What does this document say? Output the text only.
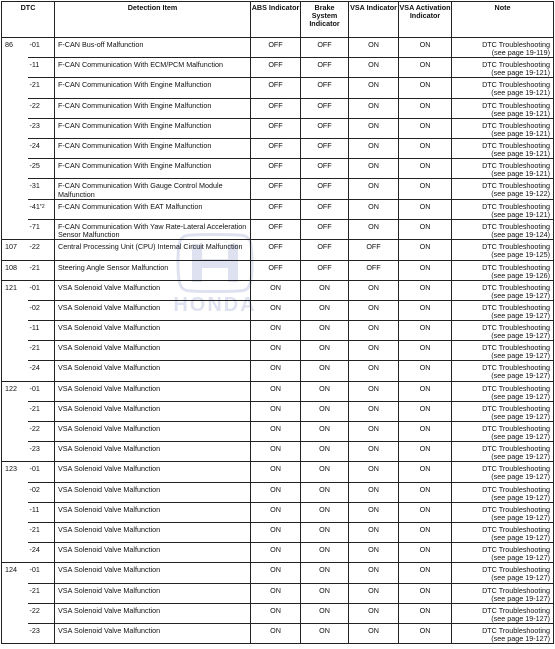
HONDA
DTC		Detection Item	ABS Indicator	Brake System Indicator	VSA Indicator	VSA Activation Indicator	Note
86	-01	F-CAN Bus-off Malfunction	OFF	OFF	ON	ON	DTC Troubleshooting
(see page 19-119)

	-11	F-CAN Communication With ECM/PCM Malfunction	OFF	OFF	ON	ON	DTC Troubleshooting
(see page 19-121)

	-21	F-CAN Communication With Engine Malfunction	OFF	OFF	ON	ON	DTC Troubleshooting
(see page 19-121)

	-22	F-CAN Communication With Engine Malfunction	OFF	OFF	ON	ON	DTC Troubleshooting
(see page 19-121)

	-23	F-CAN Communication With Engine Malfunction	OFF	OFF	ON	ON	DTC Troubleshooting
(see page 19-121)

	-24	F-CAN Communication With Engine Malfunction	OFF	OFF	ON	ON	DTC Troubleshooting
(see page 19-121)

	-25	F-CAN Communication With Engine Malfunction	OFF	OFF	ON	ON	DTC Troubleshooting
(see page 19-121)

	-31	F-CAN Communication With Gauge Control Module Malfunction	OFF	OFF	ON	ON	DTC Troubleshooting
(see page 19-122)

	-41$^{*2}$	F-CAN Communication With EAT Malfunction	OFF	OFF	ON	ON	DTC Troubleshooting
(see page 19-121)

	-71	F-CAN Communication With Yaw Rate-Lateral Acceleration Sensor Malfunction	OFF	OFF	ON	ON	DTC Troubleshooting
(see page 19-124)

107	-22	Central Processing Unit (CPU) Internal Circuit Malfunction	OFF	OFF	OFF	ON	DTC Troubleshooting
(see page 19-125)

108	-21	Steering Angle Sensor Malfunction	OFF	OFF	OFF	ON	DTC Troubleshooting
(see page 19-126)

121	-01	VSA Solenoid Valve Malfunction	ON	ON	ON	ON	DTC Troubleshooting
(see page 19-127)

	-02	VSA Solenoid Valve Malfunction	ON	ON	ON	ON	DTC Troubleshooting
(see page 19-127)

	-11	VSA Solenoid Valve Malfunction	ON	ON	ON	ON	DTC Troubleshooting
(see page 19-127)

	-21	VSA Solenoid Valve Malfunction	ON	ON	ON	ON	DTC Troubleshooting
(see page 19-127)

	-24	VSA Solenoid Valve Malfunction	ON	ON	ON	ON	DTC Troubleshooting
(see page 19-127)

122	-01	VSA Solenoid Valve Malfunction	ON	ON	ON	ON	DTC Troubleshooting
(see page 19-127)

	-21	VSA Solenoid Valve Malfunction	ON	ON	ON	ON	DTC Troubleshooting
(see page 19-127)

	-22	VSA Solenoid Valve Malfunction	ON	ON	ON	ON	DTC Troubleshooting
(see page 19-127)

	-23	VSA Solenoid Valve Malfunction	ON	ON	ON	ON	DTC Troubleshooting
(see page 19-127)

123	-01	VSA Solenoid Valve Malfunction	ON	ON	ON	ON	DTC Troubleshooting
(see page 19-127)

	-02	VSA Solenoid Valve Malfunction	ON	ON	ON	ON	DTC Troubleshooting
(see page 19-127)

	-11	VSA Solenoid Valve Malfunction	ON	ON	ON	ON	DTC Troubleshooting
(see page 19-127)

	-21	VSA Solenoid Valve Malfunction	ON	ON	ON	ON	DTC Troubleshooting
(see page 19-127)

	-24	VSA Solenoid Valve Malfunction	ON	ON	ON	ON	DTC Troubleshooting
(see page 19-127)

124	-01	VSA Solenoid Valve Malfunction	ON	ON	ON	ON	DTC Troubleshooting
(see page 19-127)

	-21	VSA Solenoid Valve Malfunction	ON	ON	ON	ON	DTC Troubleshooting
(see page 19-127)

	-22	VSA Solenoid Valve Malfunction	ON	ON	ON	ON	DTC Troubleshooting
(see page 19-127)

	-23	VSA Solenoid Valve Malfunction	ON	ON	ON	ON	DTC Troubleshooting
(see page 19-127)
